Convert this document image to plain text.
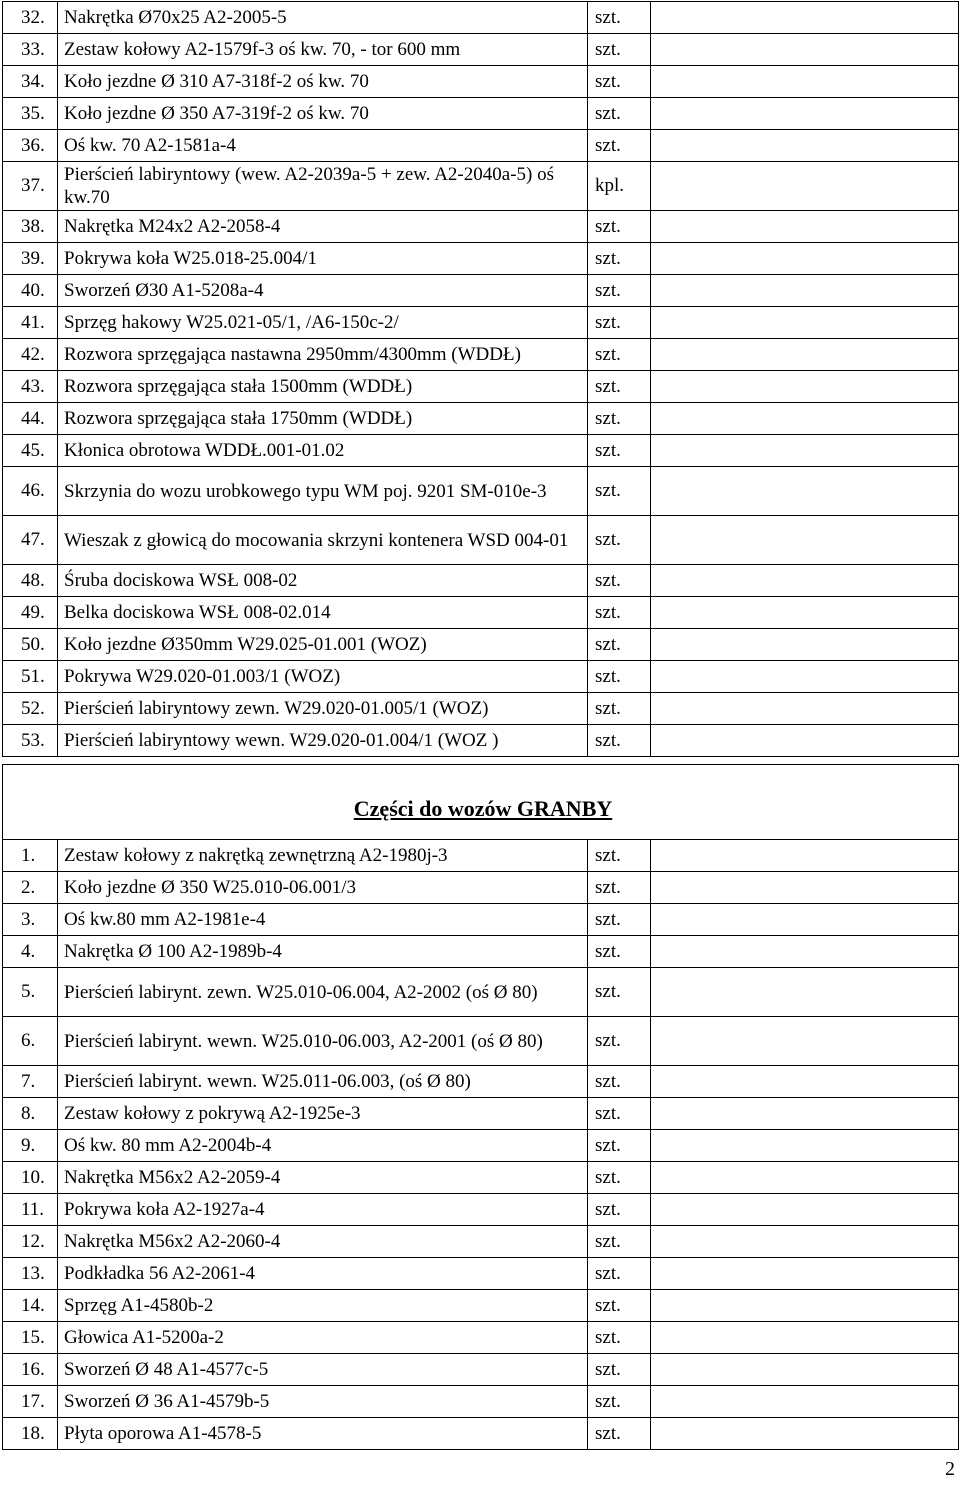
32.	Nakrętka Ø70x25 A2-2005-5	szt.	
33.	Zestaw kołowy A2-1579f-3 oś kw. 70, - tor 600 mm	szt.	
34.	Koło jezdne Ø 310 A7-318f-2 oś kw. 70	szt.	
35.	Koło jezdne Ø 350 A7-319f-2 oś kw. 70	szt.	
36.	Oś kw. 70 A2-1581a-4	szt.	
37.	Pierścień labiryntowy (wew. A2-2039a-5 + zew. A2-2040a-5) oś kw.70	kpl.	
38.	Nakrętka M24x2 A2-2058-4	szt.	
39.	Pokrywa koła W25.018-25.004/1	szt.	
40.	Sworzeń Ø30 A1-5208a-4	szt.	
41.	Sprzęg hakowy W25.021-05/1, /A6-150c-2/	szt.	
42.	Rozwora sprzęgająca nastawna 2950mm/4300mm (WDDŁ)	szt.	
43.	Rozwora sprzęgająca stała 1500mm (WDDŁ)	szt.	
44.	Rozwora sprzęgająca stała 1750mm (WDDŁ)	szt.	
45.	Kłonica obrotowa WDDŁ.001-01.02	szt.	
46.	Skrzynia do wozu urobkowego typu WM poj. 9201 SM-010e-3	szt.	
47.	Wieszak z głowicą do mocowania skrzyni kontenera WSD 004-01	szt.	
48.	Śruba dociskowa WSŁ 008-02	szt.	
49.	Belka dociskowa WSŁ 008-02.014	szt.	
50.	Koło jezdne Ø350mm W29.025-01.001 (WOZ)	szt.	
51.	Pokrywa W29.020-01.003/1 (WOZ)	szt.	
52.	Pierścień labiryntowy zewn. W29.020-01.005/1 (WOZ)	szt.	
53.	Pierścień labiryntowy wewn. W29.020-01.004/1 (WOZ )	szt.	
Części do wozów GRANBY			
1.	Zestaw kołowy z nakrętką zewnętrzną A2-1980j-3	szt.	
2.	Koło jezdne Ø 350 W25.010-06.001/3	szt.	
3.	Oś kw.80 mm A2-1981e-4	szt.	
4.	Nakrętka Ø 100 A2-1989b-4	szt.	
5.	Pierścień labirynt. zewn. W25.010-06.004, A2-2002 (oś Ø 80)	szt.	
6.	Pierścień labirynt. wewn. W25.010-06.003, A2-2001 (oś Ø 80)	szt.	
7.	Pierścień labirynt. wewn. W25.011-06.003, (oś Ø 80)	szt.	
8.	Zestaw kołowy z pokrywą A2-1925e-3	szt.	
9.	Oś kw. 80 mm A2-2004b-4	szt.	
10.	Nakrętka M56x2 A2-2059-4	szt.	
11.	Pokrywa koła A2-1927a-4	szt.	
12.	Nakrętka M56x2 A2-2060-4	szt.	
13.	Podkładka 56 A2-2061-4	szt.	
14.	Sprzęg A1-4580b-2	szt.	
15.	Głowica A1-5200a-2	szt.	
16.	Sworzeń Ø 48 A1-4577c-5	szt.	
17.	Sworzeń Ø 36 A1-4579b-5	szt.	
18.	Płyta oporowa A1-4578-5	szt.	
2
